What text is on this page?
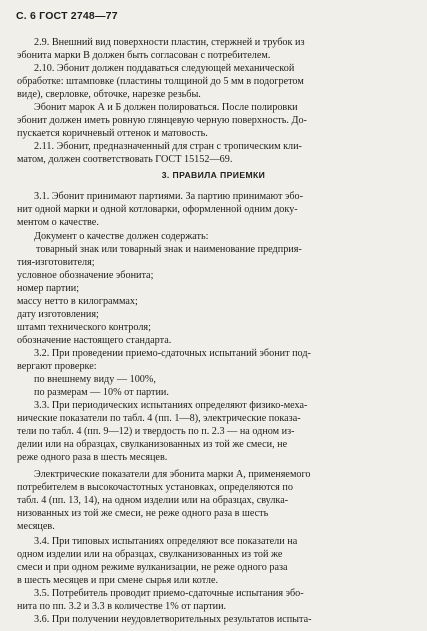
С. 6 ГОСТ 2748—77

2.9. Внешний вид поверхности пластин, стержней и трубок из

эбонита марки В должен быть согласован с потребителем.

2.10. Эбонит должен поддаваться следующей механической

обработке: штамповке (пластины толщиной до 5 мм в подогретом

виде), сверловке, обточке, нарезке резьбы.

Эбонит марок А и Б должен полироваться. После полировки

эбонит должен иметь ровную глянцевую черную поверхность. До-

пускается коричневый оттенок и матовость.

2.11. Эбонит, предназначенный для стран с тропическим кли-

матом, должен соответствовать ГОСТ 15152—69.

3. ПРАВИЛА ПРИЕМКИ

3.1. Эбонит принимают партиями. За партию принимают эбо-

нит одной марки и одной котловарки, оформленной одним доку-

ментом о качестве.

Документ о качестве должен содержать:

товарный знак или товарный знак и наименование предприя-

тия-изготовителя;

условное обозначение эбонита;

номер партии;

массу нетто в килограммах;

дату изготовления;

штамп технического контроля;

обозначение настоящего стандарта.

3.2. При проведении приемо-сдаточных испытаний эбонит под-

вергают проверке:

по внешнему виду — 100%,

по размерам — 10% от партии.

3.3. При периодических испытаниях определяют физико-меха-

нические показатели по табл. 4 (пп. 1—8), электрические показа-

тели по табл. 4 (пп. 9—12) и твердость по п. 2.3 — на одном из-

делии или на образцах, свулканизованных из той же смеси, не

реже одного раза в шесть месяцев.

Электрические показатели для эбонита марки А, применяемого

потребителем в высокочастотных установках, определяются по

табл. 4 (пп. 13, 14), на одном изделии или на образцах, свулка-

низованных из той же смеси, не реже одного раза в шесть

месяцев.

3.4. При типовых испытаниях определяют все показатели на

одном изделии или на образцах, свулканизованных из той же

смеси и при одном режиме вулканизации, не реже одного раза

в шесть месяцев и при смене сырья или котле.

3.5. Потребитель проводит приемо-сдаточные испытания эбо-

нита по пп. 3.2 и 3.3 в количестве 1% от партии.

3.6. При получении неудовлетворительных результатов испыта-
